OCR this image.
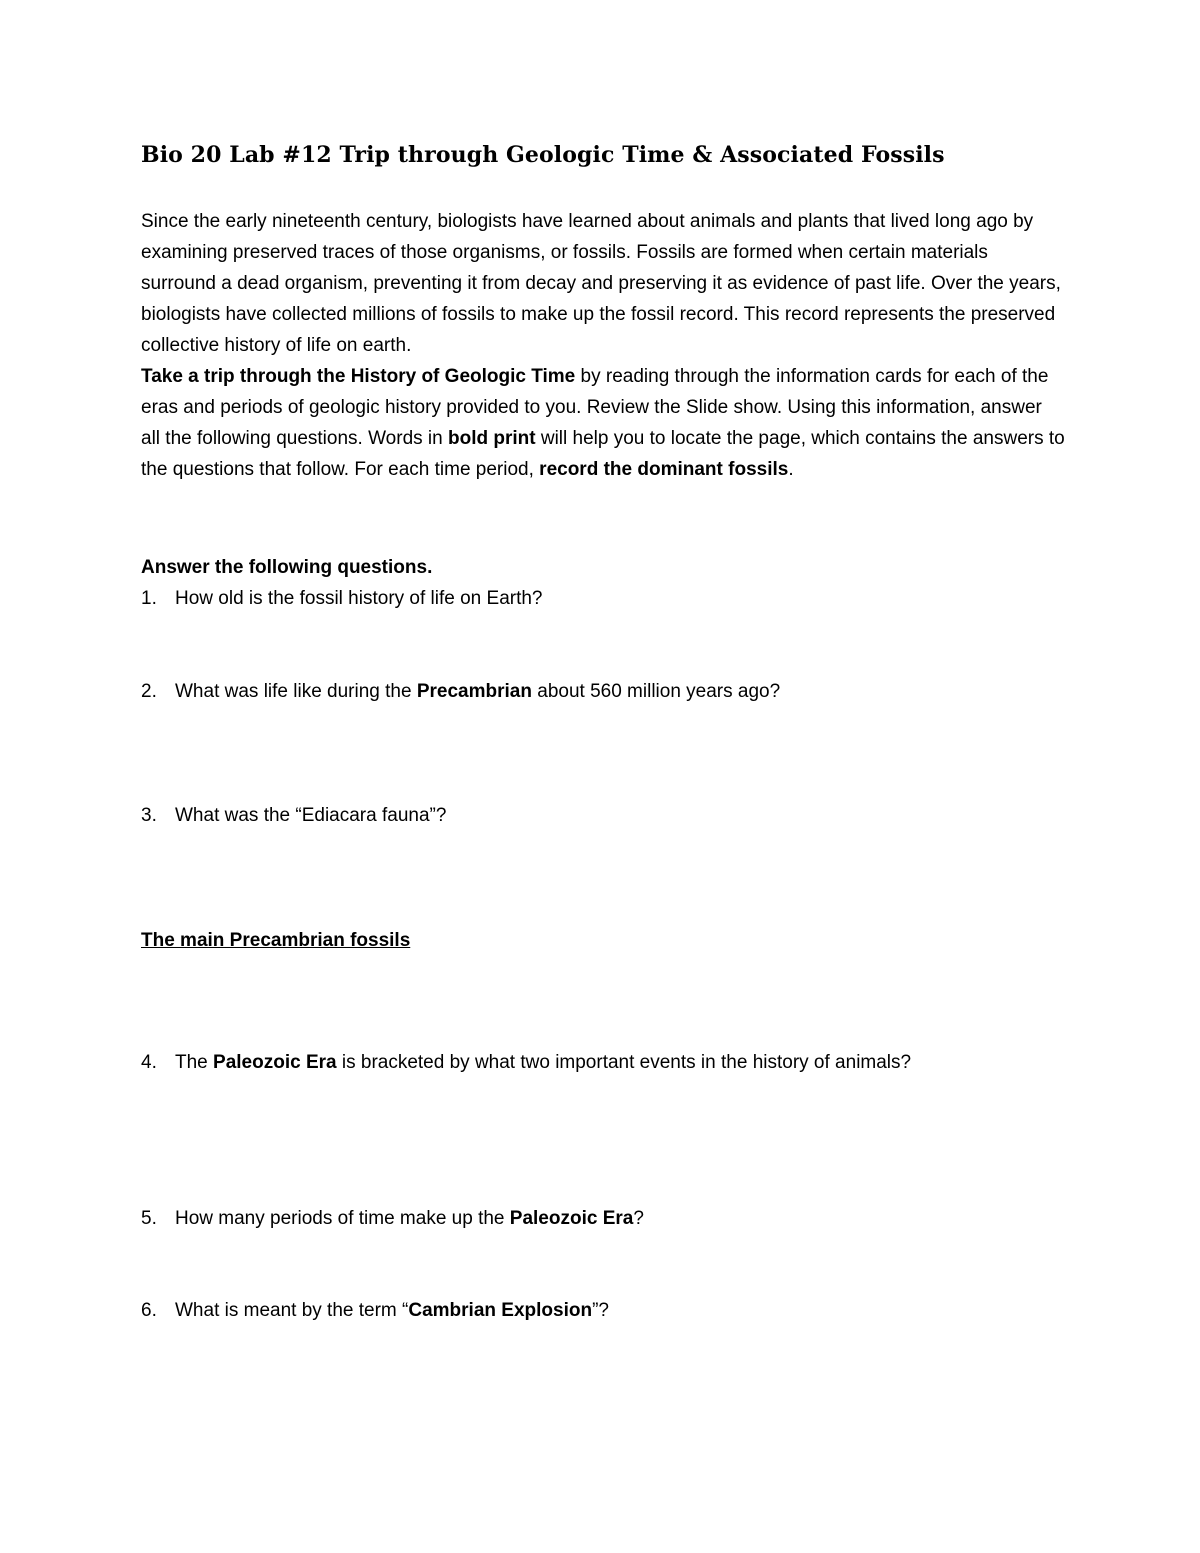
Bio 20 Lab #12 Trip through Geologic Time & Associated Fossils

Since the early nineteenth century, biologists have learned about animals and plants that lived long ago by examining preserved traces of those organisms, or fossils. Fossils are formed when certain materials surround a dead organism, preventing it from decay and preserving it as evidence of past life. Over the years, biologists have collected millions of fossils to make up the fossil record. This record represents the preserved collective history of life on earth.

Take a trip through the History of Geologic Time by reading through the information cards for each of the eras and periods of geologic history provided to you. Review the Slide show. Using this information, answer all the following questions. Words in bold print will help you to locate the page, which contains the answers to the questions that follow. For each time period, record the dominant fossils.

Answer the following questions.
1. How old is the fossil history of life on Earth?
2. What was life like during the Precambrian about 560 million years ago?
3. What was the “Ediacara fauna”?
The main Precambrian fossils
4. The Paleozoic Era is bracketed by what two important events in the history of animals?
5. How many periods of time make up the Paleozoic Era?
6. What is meant by the term “Cambrian Explosion”?
